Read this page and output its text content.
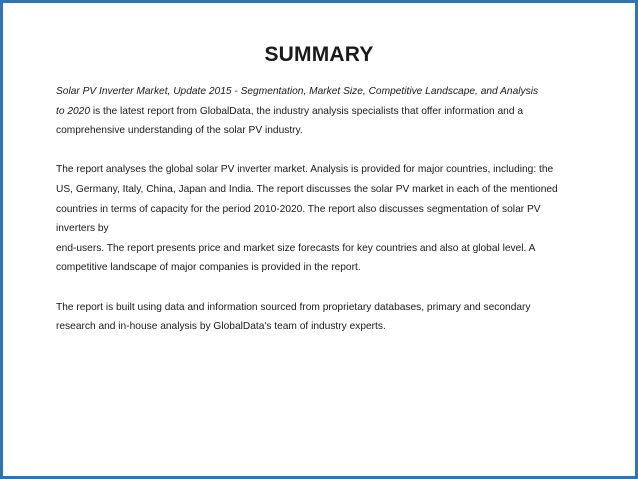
SUMMARY

Solar PV Inverter Market, Update 2015 - Segmentation, Market Size, Competitive Landscape, and Analysis
to 2020 is the latest report from GlobalData, the industry analysis specialists that offer information and a
comprehensive understanding of the solar PV industry.

The report analyses the global solar PV inverter market. Analysis is provided for major countries, including: the
US, Germany, Italy, China, Japan and India. The report discusses the solar PV market in each of the mentioned
countries in terms of capacity for the period 2010-2020. The report also discusses segmentation of solar PV
inverters by
end-users. The report presents price and market size forecasts for key countries and also at global level. A
competitive landscape of major companies is provided in the report.

The report is built using data and information sourced from proprietary databases, primary and secondary
research and in-house analysis by GlobalData's team of industry experts.
